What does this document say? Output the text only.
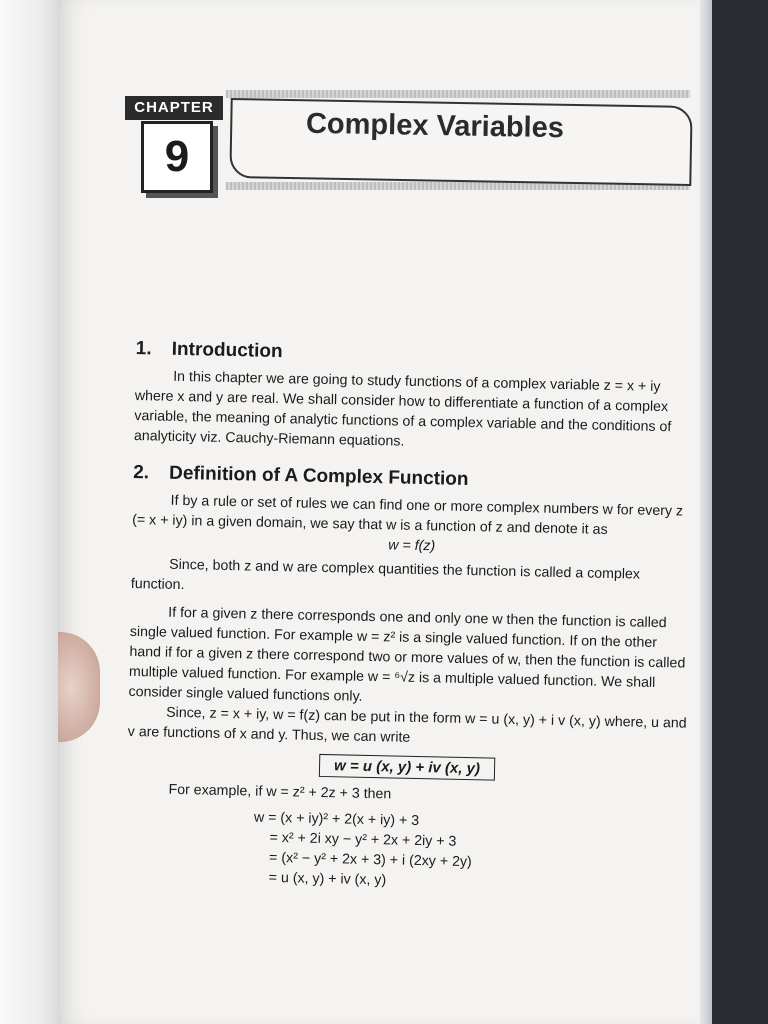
CHAPTER
9
Complex Variables
1. Introduction

In this chapter we are going to study functions of a complex variable z = x + iy where x and y are real. We shall consider how to differentiate a function of a complex variable, the meaning of analytic functions of a complex variable and the conditions of analyticity viz. Cauchy-Riemann equations.

2. Definition of A Complex Function

If by a rule or set of rules we can find one or more complex numbers w for every z (= x + iy) in a given domain, we say that w is a function of z and denote it as

w = f(z)

Since, both z and w are complex quantities the function is called a complex function.

If for a given z there corresponds one and only one w then the function is called single valued function. For example w = z² is a single valued function. If on the other hand if for a given z there correspond two or more values of w, then the function is called multiple valued function. For example w = ⁶√z is a multiple valued function. We shall consider single valued functions only.

Since, z = x + iy, w = f(z) can be put in the form w = u (x, y) + i v (x, y) where, u and v are functions of x and y. Thus, we can write

w = u (x, y) + iv (x, y)

For example, if w = z² + 2z + 3 then

w = (x + iy)² + 2(x + iy) + 3
= x² + 2i xy − y² + 2x + 2iy + 3
= (x² − y² + 2x + 3) + i (2xy + 2y)
= u (x, y) + iv (x, y)
